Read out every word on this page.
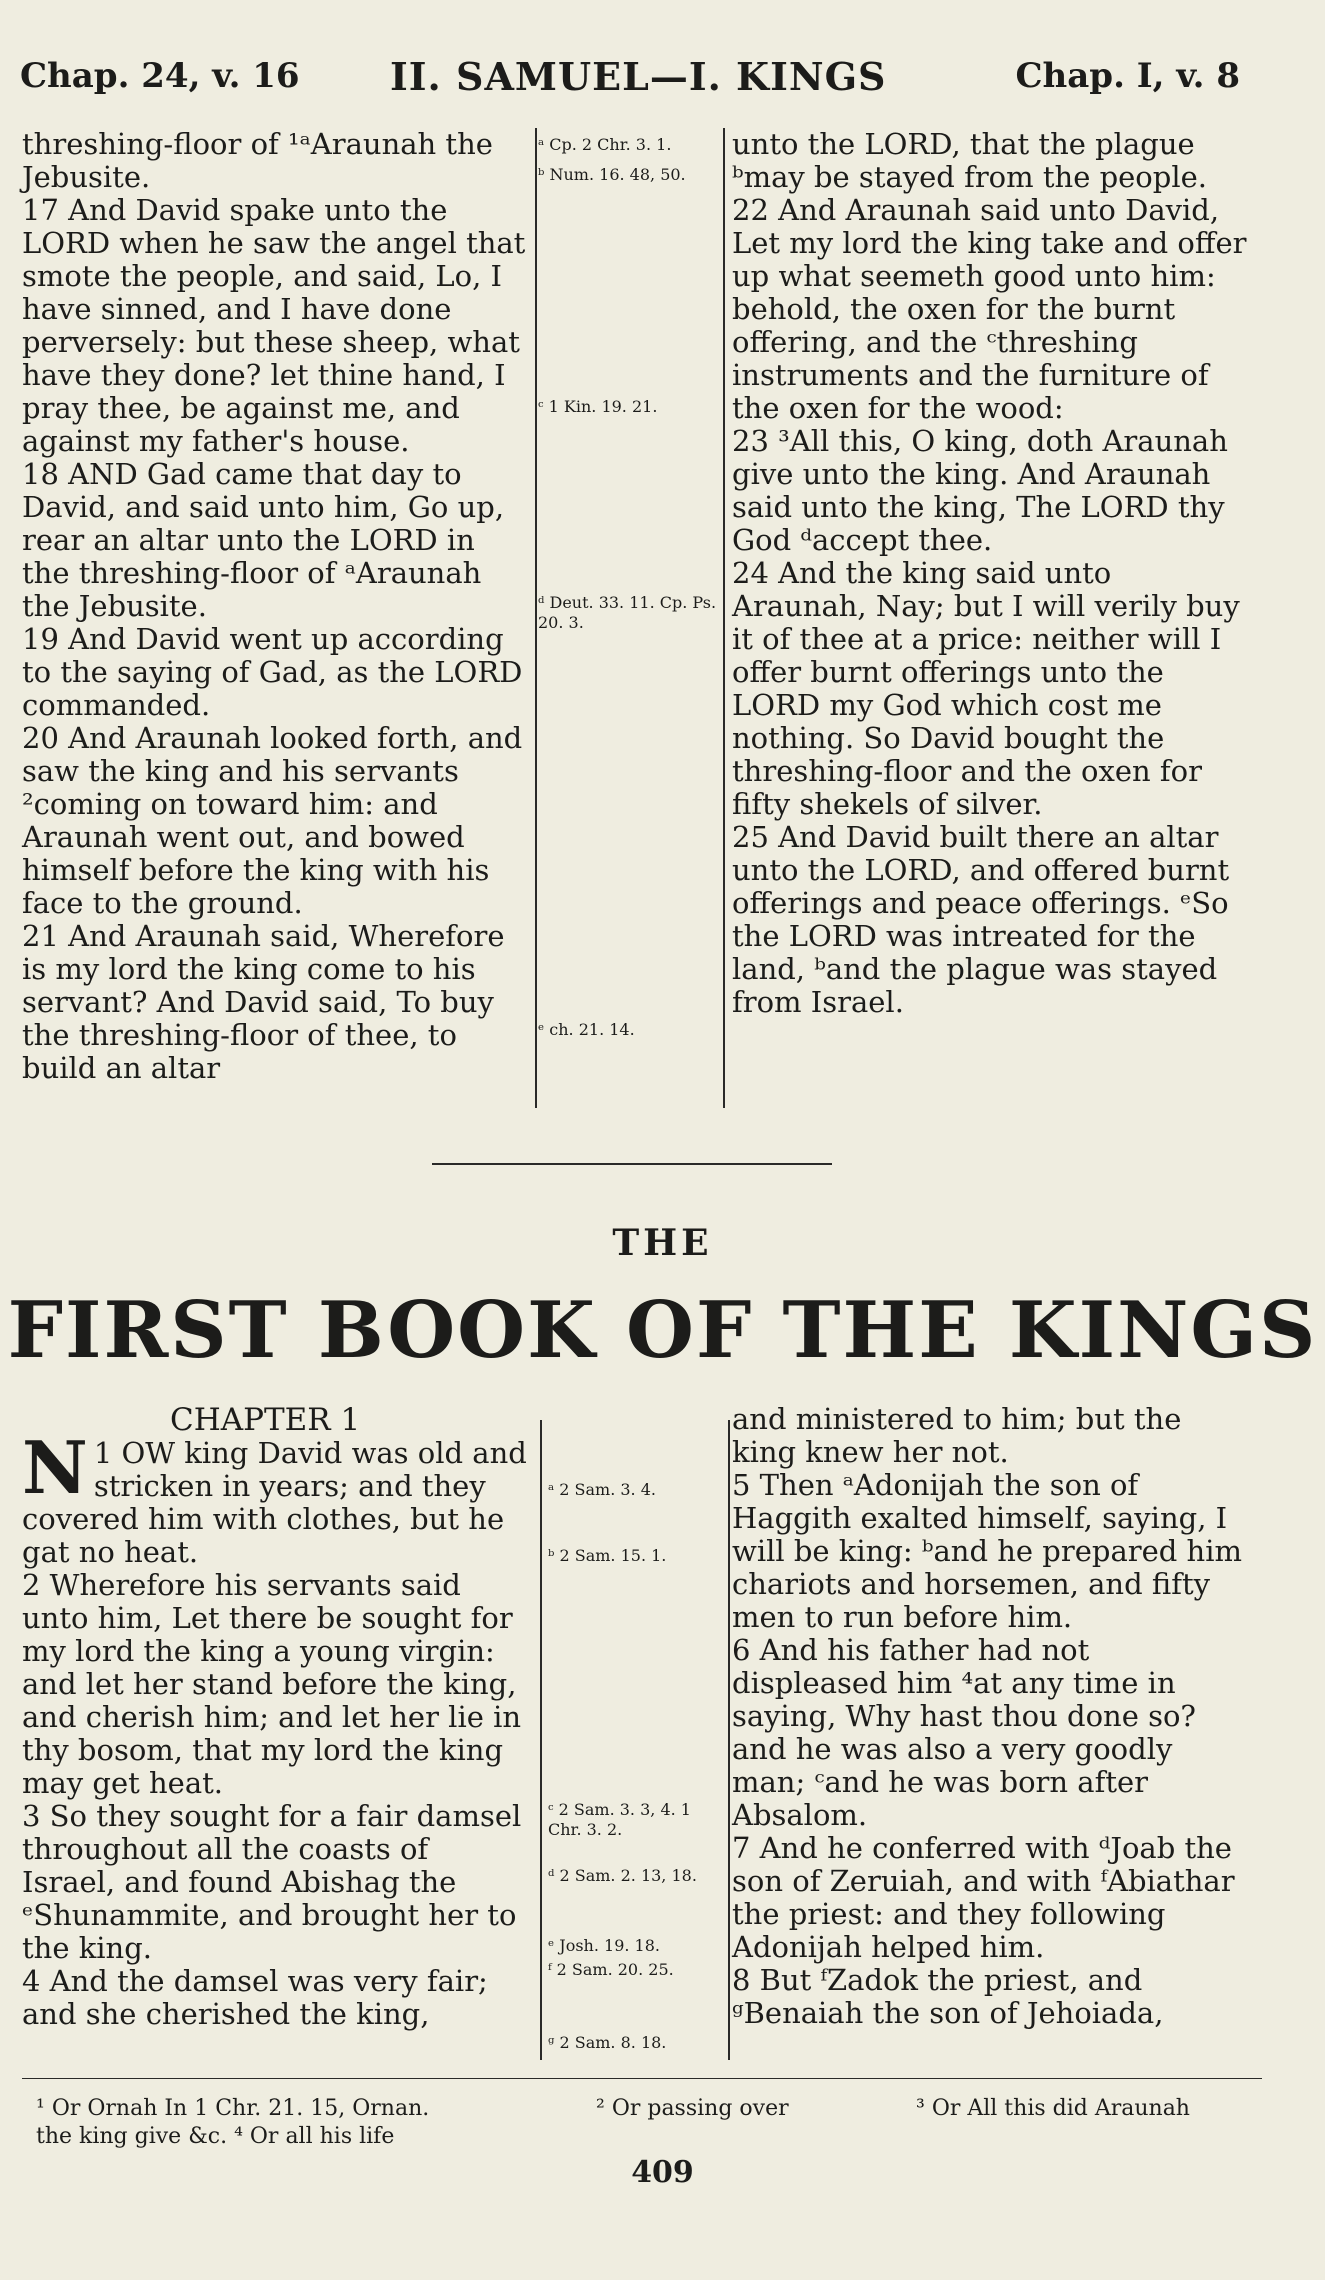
Chap. 24, v. 16 II. SAMUEL—I. KINGS	Chap. I, v. 8

threshing-floor of ¹ᵃAraunah the Jebusite.

17 And David spake unto the LORD when he saw the angel that smote the people, and said, Lo, I have sinned, and I have done perversely: but these sheep, what have they done? let thine hand, I pray thee, be against me, and against my father's house.

18 AND Gad came that day to David, and said unto him, Go up, rear an altar unto the LORD in the threshing-floor of ᵃAraunah the Jebusite.

19 And David went up according to the saying of Gad, as the LORD commanded.

20 And Araunah looked forth, and saw the king and his servants ²coming on toward him: and Araunah went out, and bowed himself before the king with his face to the ground.

21 And Araunah said, Wherefore is my lord the king come to his servant? And David said, To buy the threshing-floor of thee, to build an altar

ᵃ Cp. 2 Chr. 3. 1.
ᵇ Num. 16. 48, 50.
ᶜ 1 Kin. 19. 21.
ᵈ Deut. 33. 11. Cp. Ps. 20. 3.
ᵉ ch. 21. 14.

unto the LORD, that the plague ᵇmay be stayed from the people.

22 And Araunah said unto David, Let my lord the king take and offer up what seemeth good unto him: behold, the oxen for the burnt offering, and the ᶜthreshing instruments and the furniture of the oxen for the wood:

23 ³All this, O king, doth Araunah give unto the king. And Araunah said unto the king, The LORD thy God ᵈaccept thee.

24 And the king said unto Araunah, Nay; but I will verily buy it of thee at a price: neither will I offer burnt offerings unto the LORD my God which cost me nothing. So David bought the threshing-floor and the oxen for fifty shekels of silver.

25 And David built there an altar unto the LORD, and offered burnt offerings and peace offerings. ᵉSo the LORD was intreated for the land, ᵇand the plague was stayed from Israel.

THE
FIRST BOOK OF THE KINGS
CHAPTER 1

1
N OW king David was old and stricken in years; and they covered him with clothes, but he gat no heat.

2 Wherefore his servants said unto him, Let there be sought for my lord the king a young virgin: and let her stand before the king, and cherish him; and let her lie in thy bosom, that my lord the king may get heat.

3 So they sought for a fair damsel throughout all the coasts of Israel, and found Abishag the ᵉShunammite, and brought her to the king.

4 And the damsel was very fair; and she cherished the king,

ᵃ 2 Sam. 3. 4.
ᵇ 2 Sam. 15. 1.
ᶜ 2 Sam. 3. 3, 4. 1 Chr. 3. 2.
ᵈ 2 Sam. 2. 13, 18.
ᵉ Josh. 19. 18.
ᶠ 2 Sam. 20. 25.
ᵍ 2 Sam. 8. 18.

and ministered to him; but the king knew her not.

5 Then ᵃAdonijah the son of Haggith exalted himself, saying, I will be king: ᵇand he prepared him chariots and horsemen, and fifty men to run before him.

6 And his father had not displeased him ⁴at any time in saying, Why hast thou done so? and he was also a very goodly man; ᶜand he was born after Absalom.

7 And he conferred with ᵈJoab the son of Zeruiah, and with ᶠAbiathar the priest: and they following Adonijah helped him.

8 But ᶠZadok the priest, and ᵍBenaiah the son of Jehoiada,

¹ Or Ornah In 1 Chr. 21. 15, Ornan.	² Or passing over	³ Or All this did Araunah
the king give &c. ⁴ Or all his life
409
